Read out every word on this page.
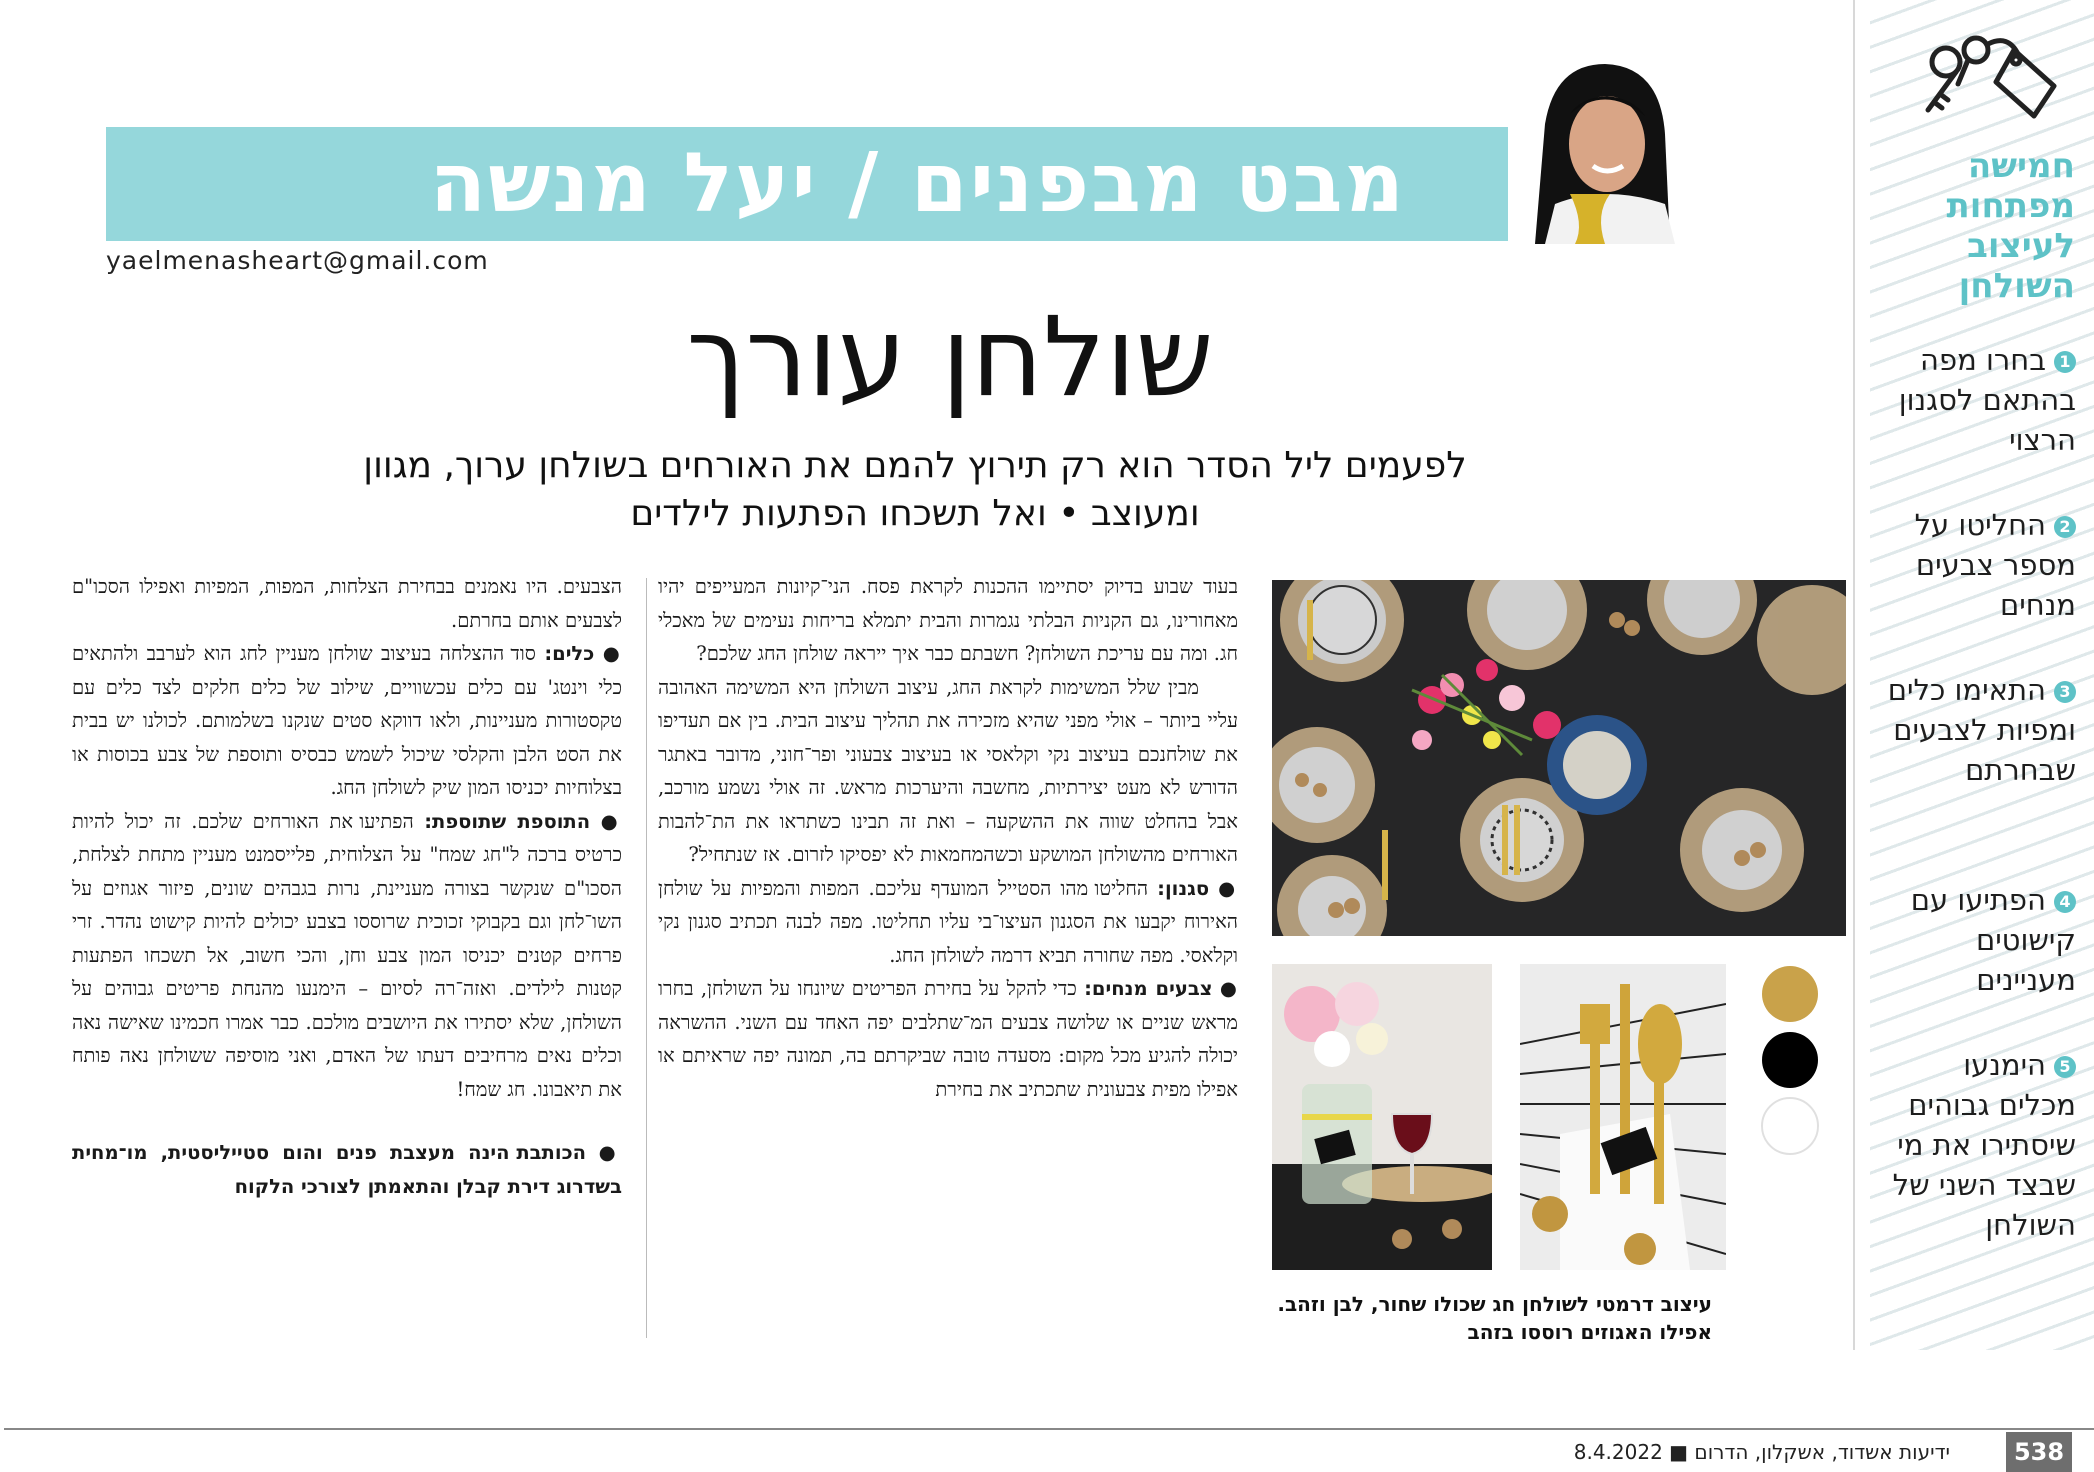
חמישה מפתחות לעיצוב השולחן
1בחרו מפה בהתאם לסגנון הרצוי
2החליטו על מספר צבעים מנחים
3התאימו כלים ומפיות לצבעים שבחרתם
4הפתיעו עם קישוטים מעניינים
5הימנעו מכלים גבוהים שיסתירו את מי שבצד השני של השולחן
מבט מבפנים / יעל מנשה
yaelmenasheart@gmail.com
שולחן עורך
לפעמים ליל הסדר הוא רק תירוץ להמם את האורחים בשולחן ערוך, מגוון ומעוצב • ואל תשכחו הפתעות לילדים
עיצוב דרמטי לשולחן חג שכולו שחור, לבן וזהב. אפילו האגוזים רוססו בזהב

בעוד שבוע בדיוק יסתיימו ההכנות לקראת פסח. הני־קיונות המעייפים יהיו מאחורינו, גם הקניות הבלתי נגמרות והבית יתמלא בריחות נעימים של מאכלי חג. ומה עם עריכת השולחן? חשבתם כבר איך ייראה שולחן החג שלכם?

מבין שלל המשימות לקראת החג, עיצוב השולחן היא המשימה האהובה עליי ביותר – אולי מפני שהיא מזכירה את תהליך עיצוב הבית. בין אם תעדיפו את שולחנכם בעיצוב נקי וקלאסי או בעיצוב צבעוני ופר־חוני, מדובר באתגר הדורש לא מעט יצירתיות, מחשבה והיערכות מראש. זה אולי נשמע מורכב, אבל בהחלט שווה את ההשקעה – ואת זה תבינו כשתראו את הת־להבות האורחים מהשולחן המושקע וכשהמחמאות לא יפסיקו לזרום. אז שנתחיל?

● סגנון: החליטו מהו הסטייל המועדף עליכם. המפות והמפיות על שולחן האירוח יקבעו את הסגנון העיצו־בי עליו תחליטו. מפה לבנה תכתיב סגנון נקי וקלאסי. מפה שחורה תביא דרמה לשולחן החג.

● צבעים מנחים: כדי להקל על בחירת הפריטים שיונחו על השולחן, בחרו מראש שניים או שלושה צבעים המ־שתלבים יפה האחד עם השני. ההשראה יכולה להגיע מכל מקום: מסעדה טובה שביקרתם בה, תמונה יפה שראיתם או אפילו מפית צבעונית שתכתיב את בחירת

הצבעים. היו נאמנים בבחירת הצלחות, המפות, המפיות ואפילו הסכו"ם לצבעים אותם בחרתם.

● כלים: סוד ההצלחה בעיצוב שולחן מעניין לחג הוא לערבב ולהתאים כלי וינטג' עם כלים עכשוויים, שילוב של כלים חלקים לצד כלים עם טקסטורות מעניינות, ולאו דווקא סטים שנקנו בשלמותם. לכולנו יש בבית את הסט הלבן והקלסי שיכול לשמש כבסיס ותוספת של צבע בכוסות או בצלוחיות יכניסו המון שיק לשולחן החג.

● התוספת שתוספת: הפתיעו את האורחים שלכם. זה יכול להיות כרטיס ברכה ל"חג שמח" על הצלוחית, פלייסמנט מעניין מתחת לצלחת, הסכו"ם שנקשר בצורה מעניינת, נרות בגבהים שונים, פיזור אגוזים על השו־לחן וגם בקבוקי זכוכית שרוססו בצבע יכולים להיות קישוט נהדר. זרי פרחים קטנים יכניסו המון צבע וחן, והכי חשוב, אל תשכחו הפתעות קטנות לילדים. ואזה־רה לסיום – הימנעו מהנחת פריטים גבוהים על השולחן, שלא יסתירו את היושבים מולכם. כבר אמרו חכמינו שאישה נאה וכלים נאים מרחיבים דעתו של האדם, ואני מוסיפה ששולחן נאה פותח את תיאבונו. חג שמח!

● הכותבת הינה מעצבת פנים והום סטייליסטית, מו־מחית בשדרוג דירת קבלן והתאמתן לצורכי הלקוח

ידיעות אשדוד, אשקלון, הדרום ■ 8.4.2022	538
